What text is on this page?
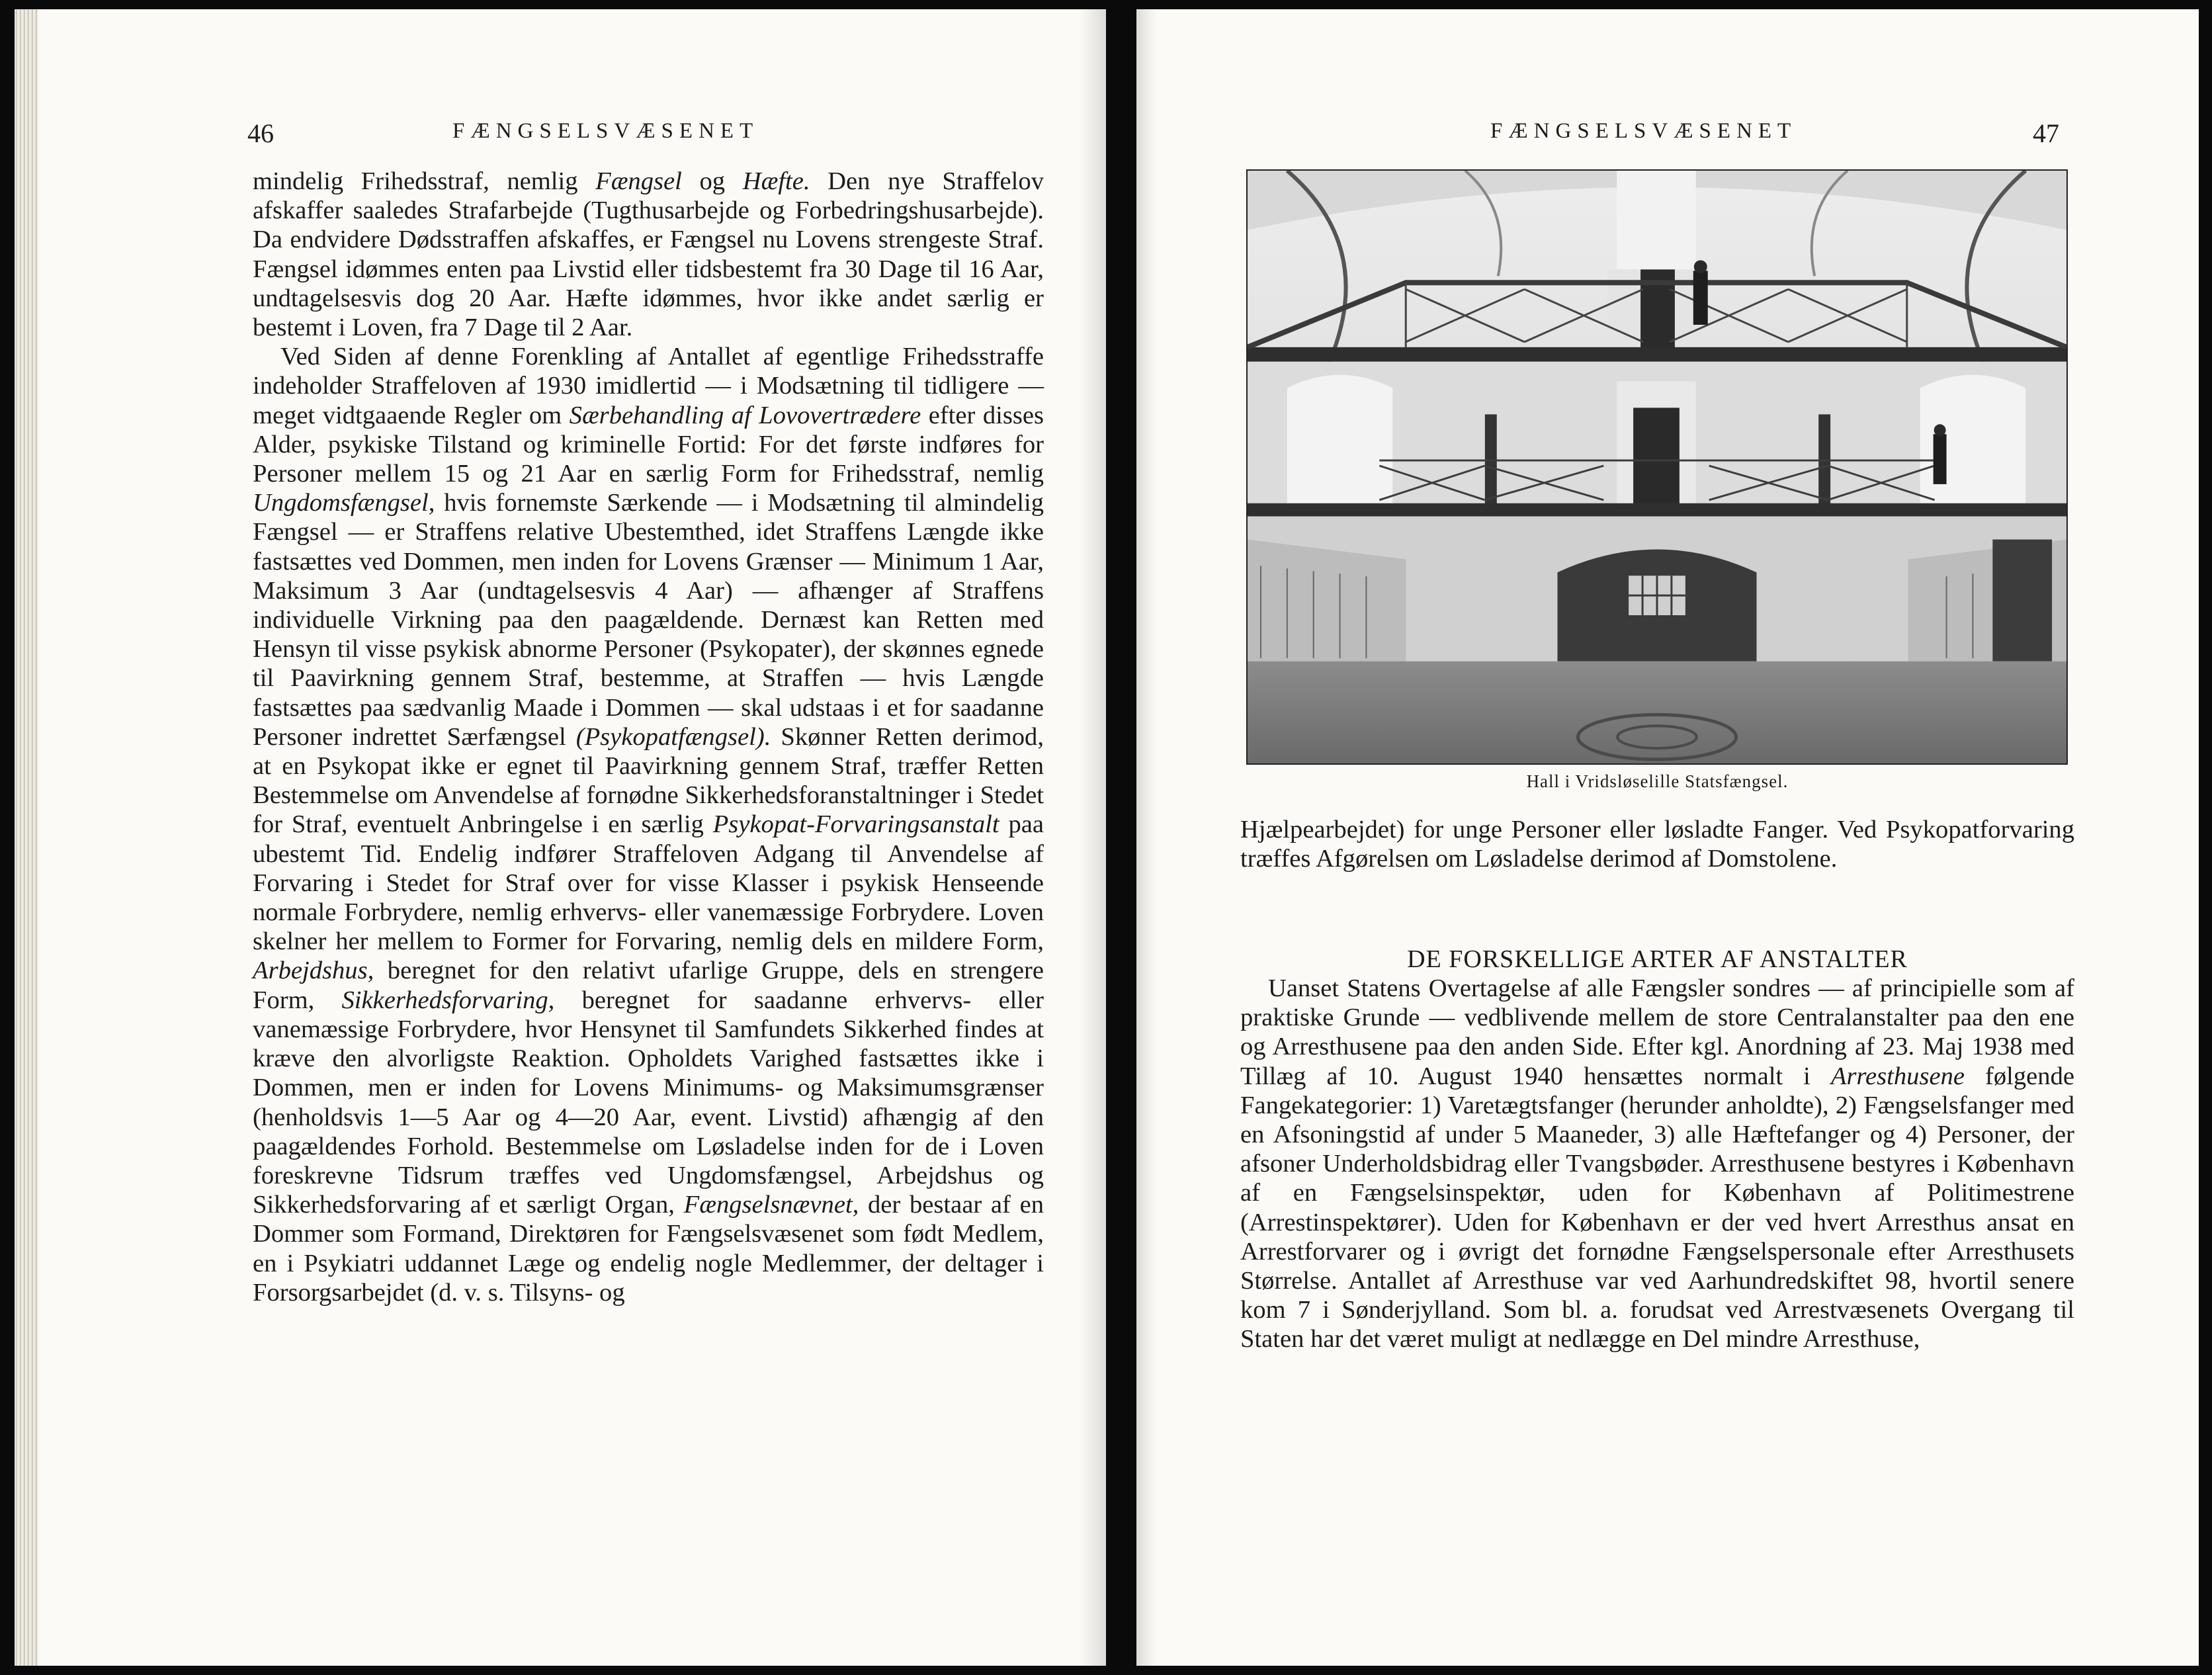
46	FÆNGSELSVÆSENET

mindelig Frihedsstraf, nemlig Fængsel og Hæfte. Den nye Straffelov afskaffer saaledes Strafarbejde (Tugthusarbejde og Forbedringshusarbejde). Da endvidere Dødsstraffen afskaffes, er Fængsel nu Lovens strengeste Straf. Fængsel idømmes enten paa Livstid eller tidsbestemt fra 30 Dage til 16 Aar, undtagelsesvis dog 20 Aar. Hæfte idømmes, hvor ikke andet særlig er bestemt i Loven, fra 7 Dage til 2 Aar.

Ved Siden af denne Forenkling af Antallet af egentlige Frihedsstraffe indeholder Straffeloven af 1930 imidlertid — i Modsætning til tidligere — meget vidtgaaende Regler om Særbehandling af Lovovertrædere efter disses Alder, psykiske Tilstand og kriminelle Fortid: For det første indføres for Personer mellem 15 og 21 Aar en særlig Form for Frihedsstraf, nemlig Ungdomsfængsel, hvis fornemste Særkende — i Modsætning til almindelig Fængsel — er Straffens relative Ubestemthed, idet Straffens Længde ikke fastsættes ved Dommen, men inden for Lovens Grænser — Minimum 1 Aar, Maksimum 3 Aar (undtagelsesvis 4 Aar) — afhænger af Straffens individuelle Virkning paa den paagældende. Dernæst kan Retten med Hensyn til visse psykisk abnorme Personer (Psykopater), der skønnes egnede til Paavirkning gennem Straf, bestemme, at Straffen — hvis Længde fastsættes paa sædvanlig Maade i Dommen — skal udstaas i et for saadanne Personer indrettet Særfængsel (Psykopatfængsel). Skønner Retten derimod, at en Psykopat ikke er egnet til Paavirkning gennem Straf, træffer Retten Bestemmelse om Anvendelse af fornødne Sikkerhedsforanstaltninger i Stedet for Straf, eventuelt Anbringelse i en særlig Psykopat-Forvaringsanstalt paa ubestemt Tid. Endelig indfører Straffeloven Adgang til Anvendelse af Forvaring i Stedet for Straf over for visse Klasser i psykisk Henseende normale Forbrydere, nemlig erhvervs- eller vanemæssige Forbrydere. Loven skelner her mellem to Former for Forvaring, nemlig dels en mildere Form, Arbejdshus, beregnet for den relativt ufarlige Gruppe, dels en strengere Form, Sikkerhedsforvaring, beregnet for saadanne erhvervs- eller vanemæssige Forbrydere, hvor Hensynet til Samfundets Sikkerhed findes at kræve den alvorligste Reaktion. Opholdets Varighed fastsættes ikke i Dommen, men er inden for Lovens Minimums- og Maksimumsgrænser (henholdsvis 1—5 Aar og 4—20 Aar, event. Livstid) afhængig af den paagældendes Forhold. Bestemmelse om Løsladelse inden for de i Loven foreskrevne Tidsrum træffes ved Ungdomsfængsel, Arbejdshus og Sikkerhedsforvaring af et særligt Organ, Fængselsnævnet, der bestaar af en Dommer som Formand, Direktøren for Fængselsvæsenet som født Medlem, en i Psykiatri uddannet Læge og endelig nogle Medlemmer, der deltager i Forsorgsarbejdet (d. v. s. Tilsyns- og

FÆNGSELSVÆSENET	47
Hall i Vridsløselille Statsfængsel.

Hjælpearbejdet) for unge Personer eller løsladte Fanger. Ved Psykopatforvaring træffes Afgørelsen om Løsladelse derimod af Domstolene.

DE FORSKELLIGE ARTER AF ANSTALTER

Uanset Statens Overtagelse af alle Fængsler sondres — af principielle som af praktiske Grunde — vedblivende mellem de store Centralanstalter paa den ene og Arresthusene paa den anden Side. Efter kgl. Anordning af 23. Maj 1938 med Tillæg af 10. August 1940 hensættes normalt i Arresthusene følgende Fangekategorier: 1) Varetægtsfanger (herunder anholdte), 2) Fængselsfanger med en Afsoningstid af under 5 Maaneder, 3) alle Hæftefanger og 4) Personer, der afsoner Underholdsbidrag eller Tvangsbøder. Arresthusene bestyres i København af en Fængselsinspektør, uden for København af Politimestrene (Arrestinspektører). Uden for København er der ved hvert Arresthus ansat en Arrestforvarer og i øvrigt det fornødne Fængselspersonale efter Arresthusets Størrelse. Antallet af Arresthuse var ved Aarhundredskiftet 98, hvortil senere kom 7 i Sønderjylland. Som bl. a. forudsat ved Arrestvæsenets Overgang til Staten har det været muligt at nedlægge en Del mindre Arresthuse,
